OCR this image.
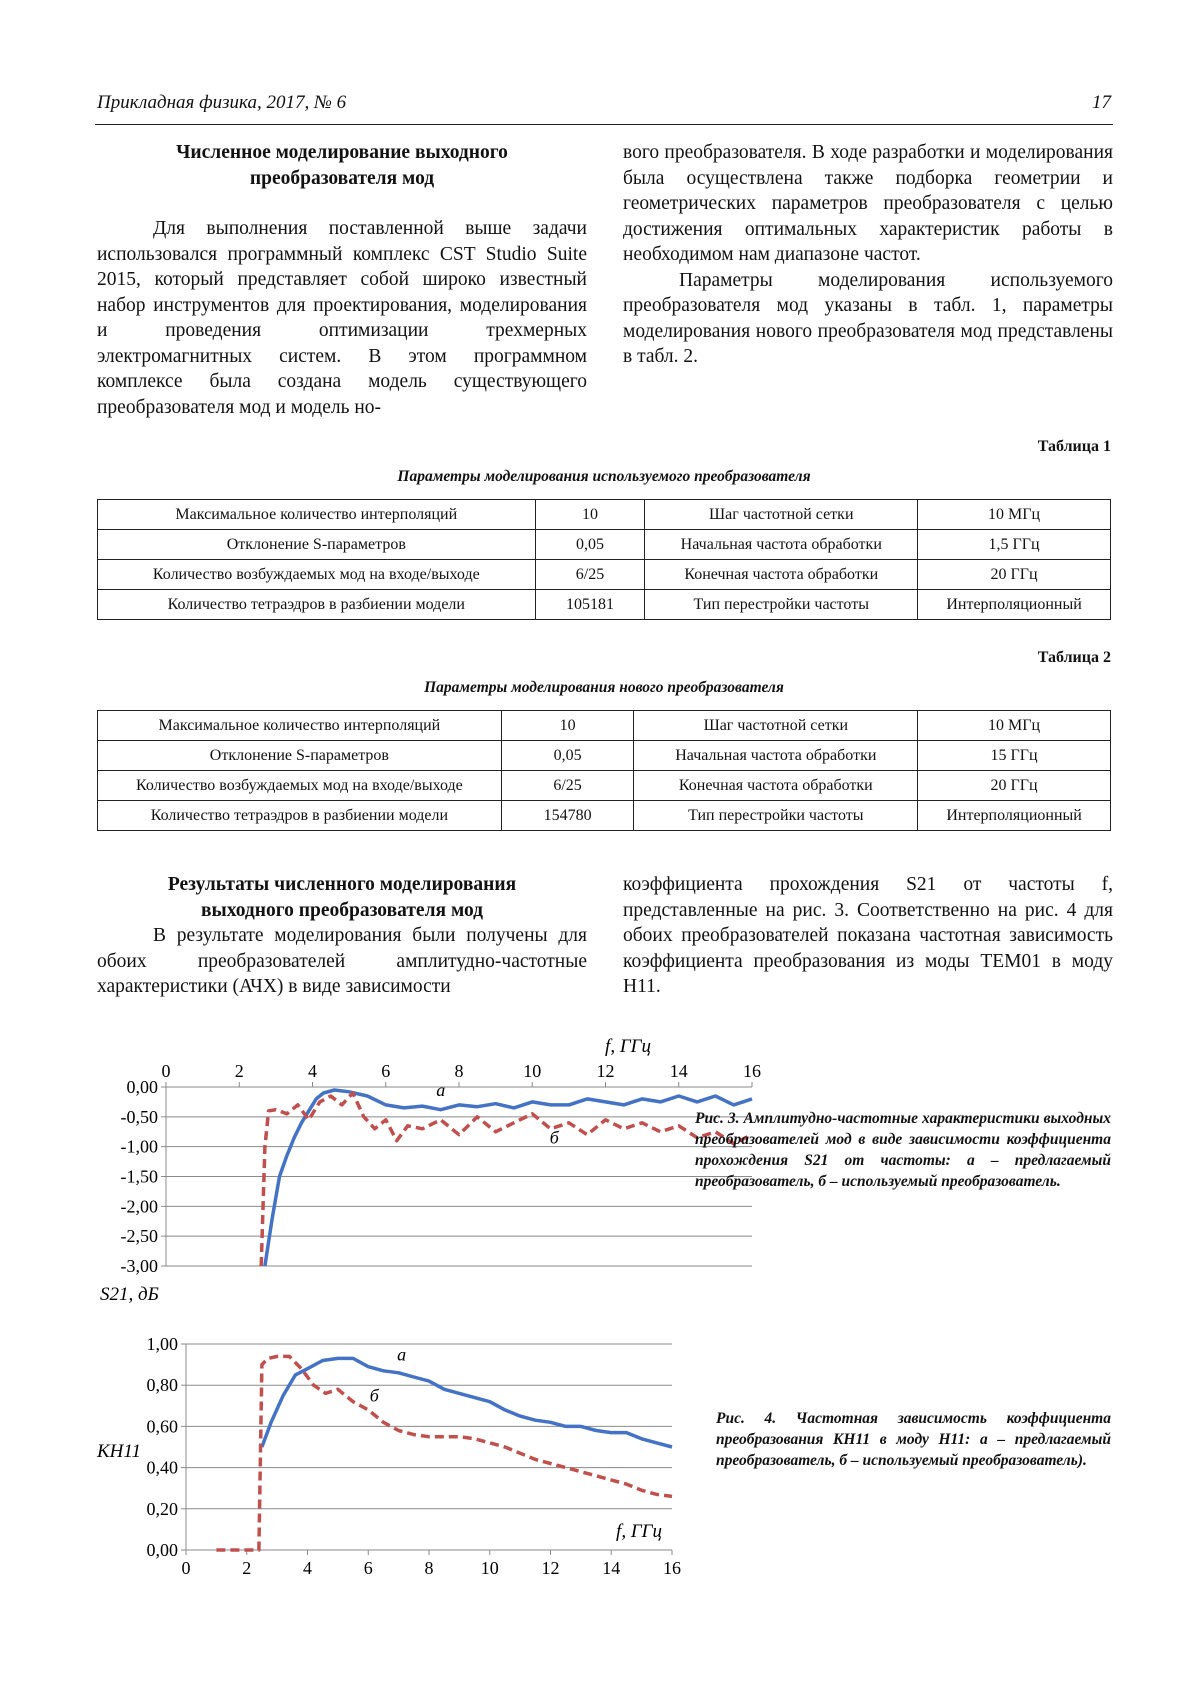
Прикладная физика, 2017, № 6	17
Численное моделирование выходного
преобразователя мод

Для выполнения поставленной выше задачи использовался программный комплекс CST Studio Suite 2015, который представляет собой широко известный набор инструментов для проектирования, моделирования и проведения оптимизации трехмерных электромагнитных систем. В этом программном комплексе была создана модель существующего преобразователя мод и модель но-

вого преобразователя. В ходе разработки и моделирования была осуществлена также подборка геометрии и геометрических параметров преобразователя с целью достижения оптимальных характеристик работы в необходимом нам диапазоне частот.

Параметры моделирования используемого преобразователя мод указаны в табл. 1, параметры моделирования нового преобразователя мод представлены в табл. 2.

Таблица 1
Параметры моделирования используемого преобразователя
Максимальное количество интерполяций	10	Шаг частотной сетки	10 МГц
Отклонение S-параметров	0,05	Начальная частота обработки	1,5 ГГц
Количество возбуждаемых мод на входе/выходе	6/25	Конечная частота обработки	20 ГГц
Количество тетраэдров в разбиении модели	105181	Тип перестройки частоты	Интерполяционный
Таблица 2
Параметры моделирования нового преобразователя
Максимальное количество интерполяций	10	Шаг частотной сетки	10 МГц
Отклонение S-параметров	0,05	Начальная частота обработки	15 ГГц
Количество возбуждаемых мод на входе/выходе	6/25	Конечная частота обработки	20 ГГц
Количество тетраэдров в разбиении модели	154780	Тип перестройки частоты	Интерполяционный
Результаты численного моделирования
выходного преобразователя мод

В результате моделирования были получены для обоих преобразователей амплитудно-частотные характеристики (АЧХ) в виде зависимости

коэффициента прохождения S21 от частоты f, представленные на рис. 3. Соответственно на рис. 4 для обоих преобразователей показана частотная зависимость коэффициента преобразования из моды TEM01 в моду H11.

0,00
-0,50
-1,00
-1,50
-2,00
-2,50
-3,00
0	2	4	6	8	10	12	14	16
а
б
f, ГГц
S21, дБ
Рис. 3. Амплитудно-частотные характеристики выходных преобразователей мод в виде зависимости коэффициента прохождения S21 от частоты: а – предлагаемый преобразователь, б – используемый преобразователь.
1,00
0,80
0,60
0,40
0,20
0,00
0	2	4	6	8	10 12 14 16
а
б
f, ГГц
KН11
Рис. 4. Частотная зависимость коэффициента преобразования KН11 в моду H11: а – предлагаемый преобразователь, б – используемый преобразователь).
